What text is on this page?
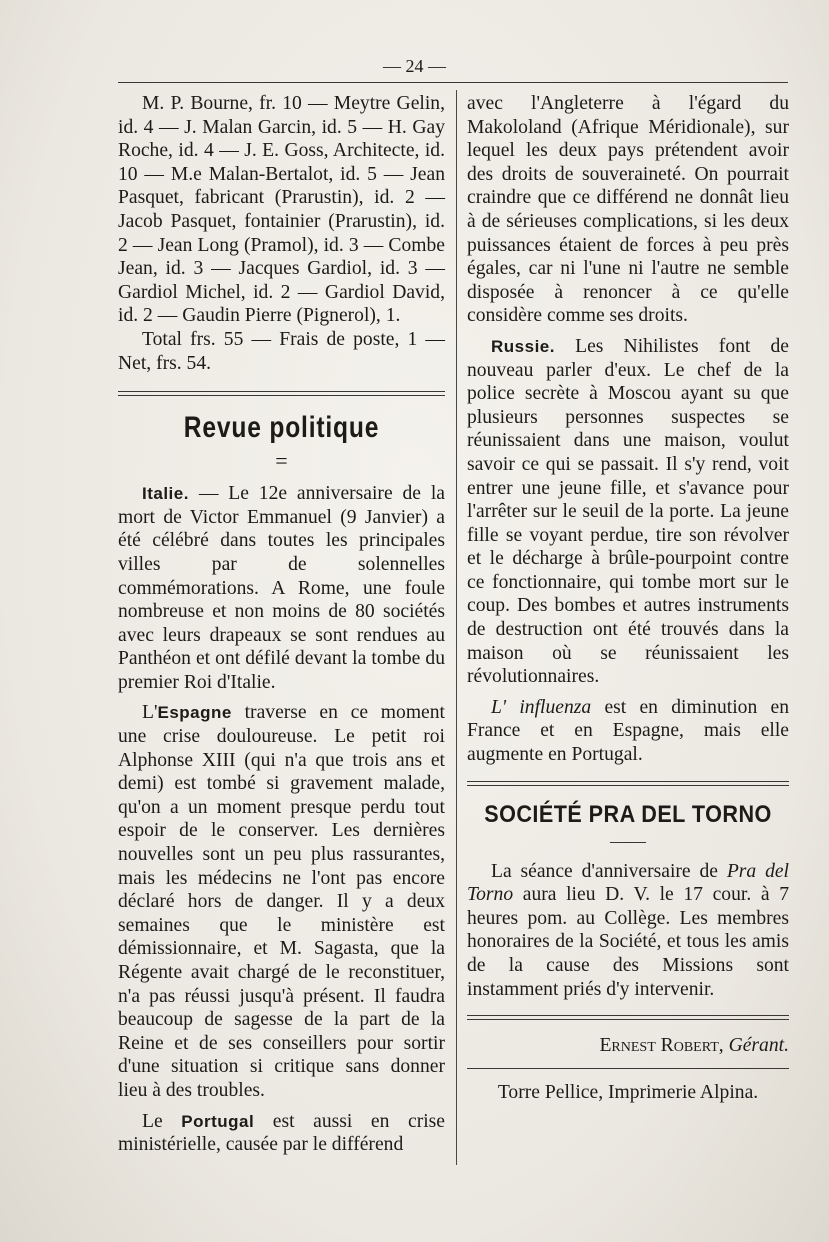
— 24 —

M. P. Bourne, fr. 10 — Meytre Gelin, id. 4 — J. Malan Garcin, id. 5 — H. Gay Roche, id. 4 — J. E. Goss, Architecte, id. 10 — M.e Malan-Bertalot, id. 5 — Jean Pasquet, fabricant (Prarustin), id. 2 — Jacob Pasquet, fontainier (Prarustin), id. 2 — Jean Long (Pramol), id. 3 — Combe Jean, id. 3 — Jacques Gardiol, id. 3 — Gardiol Michel, id. 2 — Gardiol David, id. 2 — Gaudin Pierre (Pignerol), 1.

Total frs. 55 — Frais de poste, 1 — Net, frs. 54.

Revue politique
=

Italie. — Le 12e anniversaire de la mort de Victor Emmanuel (9 Janvier) a été célébré dans toutes les principales villes par de solennelles commémorations. A Rome, une foule nombreuse et non moins de 80 sociétés avec leurs drapeaux se sont rendues au Panthéon et ont défilé devant la tombe du premier Roi d'Italie.

L'Espagne traverse en ce moment une crise douloureuse. Le petit roi Alphonse XIII (qui n'a que trois ans et demi) est tombé si gravement malade, qu'on a un moment presque perdu tout espoir de le conserver. Les dernières nouvelles sont un peu plus rassurantes, mais les médecins ne l'ont pas encore déclaré hors de danger. Il y a deux semaines que le ministère est démissionnaire, et M. Sagasta, que la Régente avait chargé de le reconstituer, n'a pas réussi jusqu'à présent. Il faudra beaucoup de sagesse de la part de la Reine et de ses conseillers pour sortir d'une situation si critique sans donner lieu à des troubles.

Le Portugal est aussi en crise ministérielle, causée par le différend

avec l'Angleterre à l'égard du Makololand (Afrique Méridionale), sur lequel les deux pays prétendent avoir des droits de souveraineté. On pourrait craindre que ce différend ne donnât lieu à de sérieuses complications, si les deux puissances étaient de forces à peu près égales, car ni l'une ni l'autre ne semble disposée à renoncer à ce qu'elle considère comme ses droits.

Russie. Les Nihilistes font de nouveau parler d'eux. Le chef de la police secrète à Moscou ayant su que plusieurs personnes suspectes se réunissaient dans une maison, voulut savoir ce qui se passait. Il s'y rend, voit entrer une jeune fille, et s'avance pour l'arrêter sur le seuil de la porte. La jeune fille se voyant perdue, tire son révolver et le décharge à brûle-pourpoint contre ce fonctionnaire, qui tombe mort sur le coup. Des bombes et autres instruments de destruction ont été trouvés dans la maison où se réunissaient les révolutionnaires.

L' influenza est en diminution en France et en Espagne, mais elle augmente en Portugal.

SOCIÉTÉ PRA DEL TORNO
——

La séance d'anniversaire de Pra del Torno aura lieu D. V. le 17 cour. à 7 heures pom. au Collège. Les membres honoraires de la Société, et tous les amis de la cause des Missions sont instamment priés d'y intervenir.

Ernest Robert, Gérant.
Torre Pellice, Imprimerie Alpina.
